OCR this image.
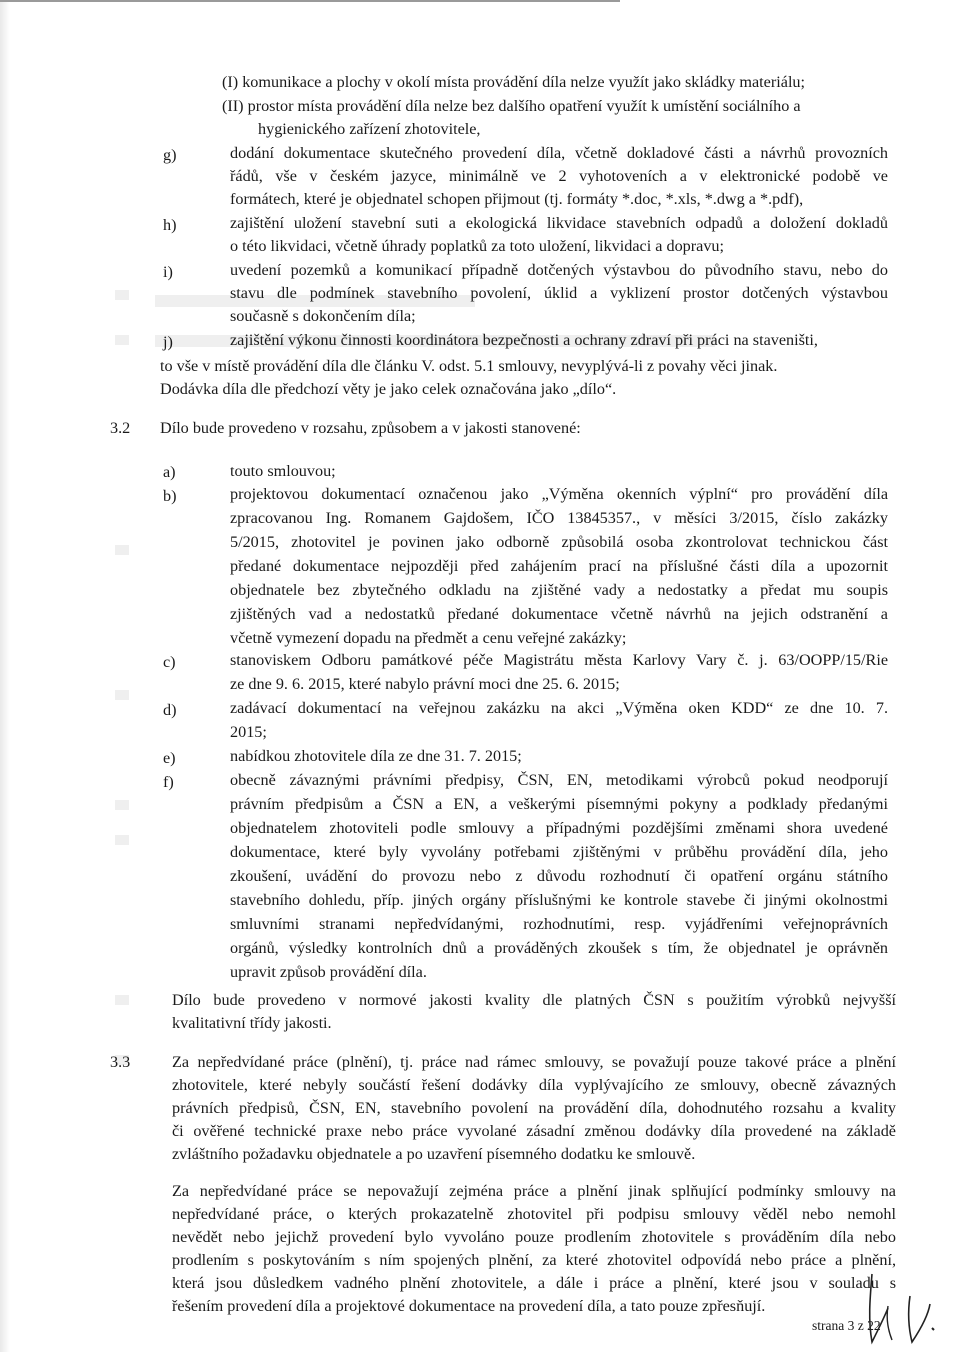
(I) komunikace a plochy v okolí místa provádění díla nelze využít jako skládky materiálu;
(II) prostor místa provádění díla nelze bez dalšího opatření využít k umístění sociálního a
hygienického zařízení zhotovitele,
g)	dodání dokumentace skutečného provedení díla, včetně dokladové části a návrhů provozních
řádů, vše v českém jazyce, minimálně ve 2 vyhotoveních a v elektronické podobě ve
formátech, které je objednatel schopen přijmout (tj. formáty *.doc, *.xls, *.dwg a *.pdf),
h)	zajištění uložení stavební suti a ekologická likvidace stavebních odpadů a doložení dokladů
o této likvidaci, včetně úhrady poplatků za toto uložení, likvidaci a dopravu;
i)	uvedení pozemků a komunikací případně dotčených výstavbou do původního stavu, nebo do
stavu dle podmínek stavebního povolení, úklid a vyklizení prostor dotčených výstavbou
současně s dokončením díla;
j)	zajištění výkonu činnosti koordinátora bezpečnosti a ochrany zdraví při práci na staveništi,
to vše v místě provádění díla dle článku V. odst. 5.1 smlouvy, nevyplývá-li z povahy věci jinak.
Dodávka díla dle předchozí věty je jako celek označována jako „dílo“.
3.2 Dílo bude provedeno v rozsahu, způsobem a v jakosti stanovené:
a)	touto smlouvou;
b)	projektovou dokumentací označenou jako „Výměna okenních výplní“ pro provádění díla
zpracovanou Ing. Romanem Gajdošem, IČO 13845357., v měsíci 3/2015, číslo zakázky
5/2015, zhotovitel je povinen jako odborně způsobilá osoba zkontrolovat technickou část
předané dokumentace nejpozději před zahájením prací na příslušné části díla a upozornit
objednatele bez zbytečného odkladu na zjištěné vady a nedostatky a předat mu soupis
zjištěných vad a nedostatků předané dokumentace včetně návrhů na jejich odstranění a
včetně vymezení dopadu na předmět a cenu veřejné zakázky;
c)	stanoviskem Odboru památkové péče Magistrátu města Karlovy Vary č. j. 63/OOPP/15/Rie
ze dne 9. 6. 2015, které nabylo právní moci dne 25. 6. 2015;
d)	zadávací dokumentací na veřejnou zakázku na akci „Výměna oken KDD“ ze dne 10. 7.
2015;
e)	nabídkou zhotovitele díla ze dne 31. 7. 2015;
f)	obecně závaznými právními předpisy, ČSN, EN, metodikami výrobců pokud neodporují
právním předpisům a ČSN a EN, a veškerými písemnými pokyny a podklady předanými
objednatelem zhotoviteli podle smlouvy a případnými pozdějšími změnami shora uvedené
dokumentace, které byly vyvolány potřebami zjištěnými v průběhu provádění díla, jeho
zkoušení, uvádění do provozu nebo z důvodu rozhodnutí či opatření orgánu státního
stavebního dohledu, příp. jiných orgány příslušnými ke kontrole stavebe či jinými okolnostmi
smluvními stranami nepředvídanými, rozhodnutími, resp. vyjádřeními veřejnoprávních
orgánů, výsledky kontrolních dnů a prováděných zkoušek s tím, že objednatel je oprávněn
upravit způsob provádění díla.
Dílo bude provedeno v normové jakosti kvality dle platných ČSN s použitím výrobků nejvyšší
kvalitativní třídy jakosti.
3.3	Za nepředvídané práce (plnění), tj. práce nad rámec smlouvy, se považují pouze takové práce a plnění
zhotovitele, které nebyly součástí řešení dodávky díla vyplývajícího ze smlouvy, obecně závazných
právních předpisů, ČSN, EN, stavebního povolení na provádění díla, dohodnutého rozsahu a kvality
či ověřené technické praxe nebo práce vyvolané zásadní změnou dodávky díla provedené na základě
zvláštního požadavku objednatele a po uzavření písemného dodatku ke smlouvě.
Za nepředvídané práce se nepovažují zejména práce a plnění jinak splňující podmínky smlouvy na
nepředvídané práce, o kterých prokazatelně zhotovitel při podpisu smlouvy věděl nebo nemohl
nevědět nebo jejichž provedení bylo vyvoláno pouze prodlením zhotovitele s prováděním díla nebo
prodlením s poskytováním s ním spojených plnění, za které zhotovitel odpovídá nebo práce a plnění,
která jsou důsledkem vadného plnění zhotovitele, a dále i práce a plnění, které jsou v souladu s
řešením provedení díla a projektové dokumentace na provedení díla, a tato pouze zpřesňují.
strana 3 z 22
